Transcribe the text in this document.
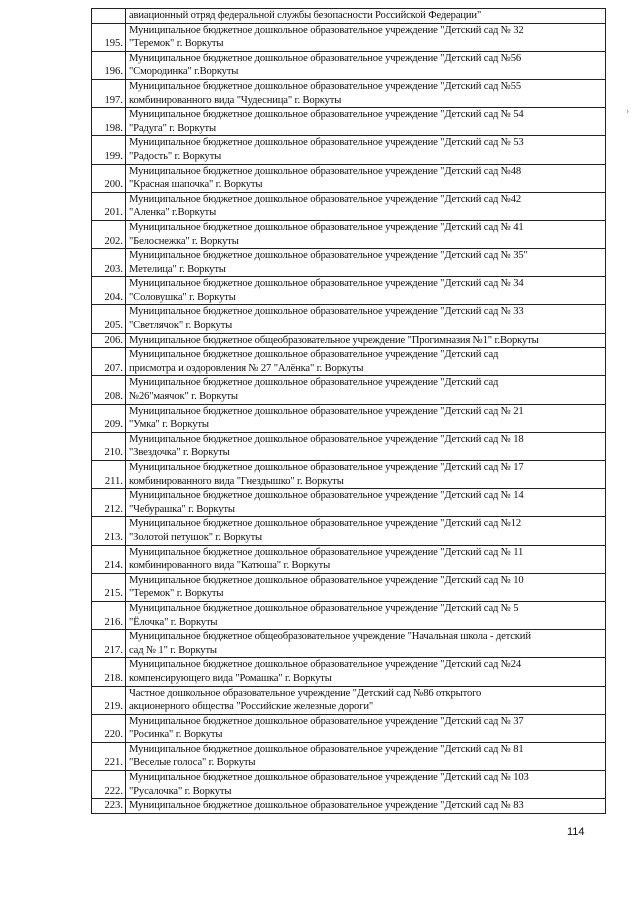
	авиационный отряд федеральной службы безопасности Российской Федерации"

195.	Муниципальное бюджетное дошкольное образовательное учреждение "Детский сад № 32
"Теремок" г. Воркуты

196.	Муниципальное бюджетное дошкольное образовательное учреждение "Детский сад №56
"Смородинка" г.Воркуты

197.	Муниципальное бюджетное дошкольное образовательное учреждение "Детский сад №55
комбинированного вида "Чудесница" г. Воркуты

198.	Муниципальное бюджетное дошкольное образовательное учреждение "Детский сад № 54
"Радуга" г. Воркуты

199.	Муниципальное бюджетное дошкольное образовательное учреждение "Детский сад № 53
"Радость" г. Воркуты

200.	Муниципальное бюджетное дошкольное образовательное учреждение "Детский сад №48
"Красная шапочка" г. Воркуты

201.	Муниципальное бюджетное дошкольное образовательное учреждение "Детский сад №42
"Аленка" г.Воркуты

202.	Муниципальное бюджетное дошкольное образовательное учреждение "Детский сад № 41
"Белоснежка" г. Воркуты

203.	Муниципальное бюджетное дошкольное образовательное учреждение "Детский сад № 35"
Метелица" г. Воркуты

204.	Муниципальное бюджетное дошкольное образовательное учреждение "Детский сад № 34
"Соловушка" г. Воркуты

205.	Муниципальное бюджетное дошкольное образовательное учреждение "Детский сад № 33
"Светлячок" г. Воркуты

206.	Муниципальное бюджетное общеобразовательное учреждение "Прогимназия №1" г.Воркуты

207.	Муниципальное бюджетное дошкольное образовательное учреждение "Детский сад
присмотра и оздоровления № 27 "Алёнка" г. Воркуты

208.	Муниципальное бюджетное дошкольное образовательное учреждение "Детский сад
№26"маячок" г. Воркуты

209.	Муниципальное бюджетное дошкольное образовательное учреждение "Детский сад № 21
"Умка" г. Воркуты

210.	Муниципальное бюджетное дошкольное образовательное учреждение "Детский сад № 18
"Звездочка" г. Воркуты

211.	Муниципальное бюджетное дошкольное образовательное учреждение "Детский сад № 17
комбинированного вида "Гнездышко" г. Воркуты

212.	Муниципальное бюджетное дошкольное образовательное учреждение "Детский сад № 14
"Чебурашка" г. Воркуты

213.	Муниципальное бюджетное дошкольное образовательное учреждение "Детский сад №12
"Золотой петушок" г. Воркуты

214.	Муниципальное бюджетное дошкольное образовательное учреждение "Детский сад № 11
комбинированного вида "Катюша" г. Воркуты

215.	Муниципальное бюджетное дошкольное образовательное учреждение "Детский сад № 10
"Теремок" г. Воркуты

216.	Муниципальное бюджетное дошкольное образовательное учреждение "Детский сад № 5
"Ёлочка" г. Воркуты

217.	Муниципальное бюджетное общеобразовательное учреждение "Начальная школа - детский
сад № 1" г. Воркуты

218.	Муниципальное бюджетное дошкольное образовательное учреждение "Детский сад №24
компенсирующего вида "Ромашка" г. Воркуты

219.	Частное дошкольное образовательное учреждение "Детский сад №86 открытого
акционерного общества "Российские железные дороги"

220.	Муниципальное бюджетное дошкольное образовательное учреждение "Детский сад № 37
"Росинка" г. Воркуты

221.	Муниципальное бюджетное дошкольное образовательное учреждение "Детский сад № 81
"Веселые голоса" г. Воркуты

222.	Муниципальное бюджетное дошкольное образовательное учреждение "Детский сад № 103
"Русалочка" г. Воркуты

223.	Муниципальное бюджетное дошкольное образовательное учреждение "Детский сад № 83
114
›
